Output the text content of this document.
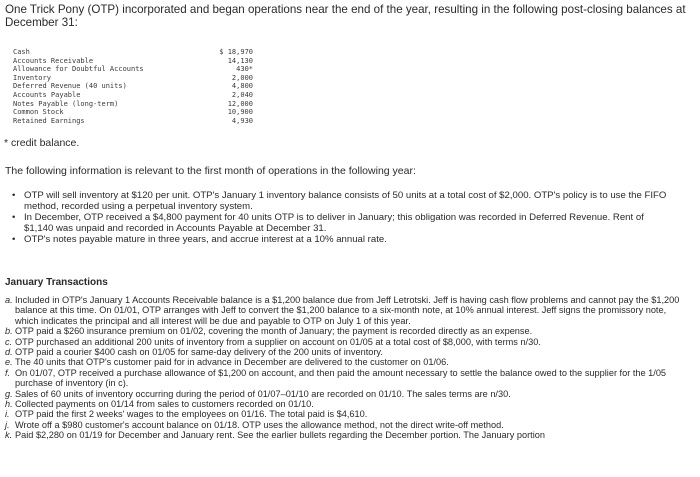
One Trick Pony (OTP) incorporated and began operations near the end of the year, resulting in the following post-closing balances at December 31:
Cash	$ 18,970
Accounts Receivable	14,130
Allowance for Doubtful Accounts	430*
Inventory	2,000
Deferred Revenue (40 units)	4,800
Accounts Payable	2,040
Notes Payable (long-term)	12,000
Common Stock	10,900
Retained Earnings	4,930
* credit balance.
The following information is relevant to the first month of operations in the following year:
• OTP will sell inventory at $120 per unit. OTP's January 1 inventory balance consists of 50 units at a total cost of $2,000. OTP's policy is to use the FIFO method, recorded using a perpetual inventory system.
• In December, OTP received a $4,800 payment for 40 units OTP is to deliver in January; this obligation was recorded in Deferred Revenue. Rent of $1,140 was unpaid and recorded in Accounts Payable at December 31.
• OTP's notes payable mature in three years, and accrue interest at a 10% annual rate.
January Transactions
a. Included in OTP's January 1 Accounts Receivable balance is a $1,200 balance due from Jeff Letrotski. Jeff is having cash flow problems and cannot pay the $1,200 balance at this time. On 01/01, OTP arranges with Jeff to convert the $1,200 balance to a six-month note, at 10% annual interest. Jeff signs the promissory note, which indicates the principal and all interest will be due and payable to OTP on July 1 of this year.
b. OTP paid a $260 insurance premium on 01/02, covering the month of January; the payment is recorded directly as an expense.
c. OTP purchased an additional 200 units of inventory from a supplier on account on 01/05 at a total cost of $8,000, with terms n/30.
d. OTP paid a courier $400 cash on 01/05 for same-day delivery of the 200 units of inventory.
e. The 40 units that OTP's customer paid for in advance in December are delivered to the customer on 01/06.
f. On 01/07, OTP received a purchase allowance of $1,200 on account, and then paid the amount necessary to settle the balance owed to the supplier for the 1/05 purchase of inventory (in c).
g. Sales of 60 units of inventory occurring during the period of 01/07–01/10 are recorded on 01/10. The sales terms are n/30.
h. Collected payments on 01/14 from sales to customers recorded on 01/10.
i. OTP paid the first 2 weeks' wages to the employees on 01/16. The total paid is $4,610.
j. Wrote off a $980 customer's account balance on 01/18. OTP uses the allowance method, not the direct write-off method.
k. Paid $2,280 on 01/19 for December and January rent. See the earlier bullets regarding the December portion. The January portion
